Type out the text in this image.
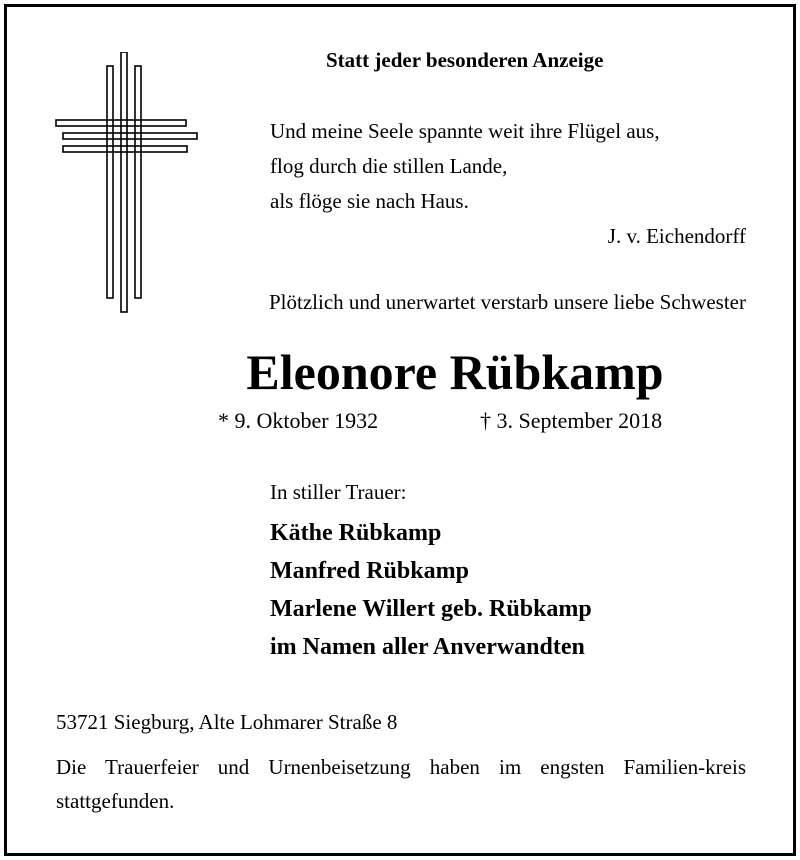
Statt jeder besonderen Anzeige
Und meine Seele spannte weit ihre Flügel aus,
flog durch die stillen Lande,
als flöge sie nach Haus.
J. v. Eichendorff
Plötzlich und unerwartet verstarb unsere liebe Schwester
Eleonore Rübkamp
* 9. Oktober 1932	† 3. September 2018
In stiller Trauer:
Käthe Rübkamp
Manfred Rübkamp
Marlene Willert geb. Rübkamp
im Namen aller Anverwandten
53721 Siegburg, Alte Lohmarer Straße 8
Die Trauerfeier und Urnenbeisetzung haben im engsten Familien-kreis stattgefunden.
